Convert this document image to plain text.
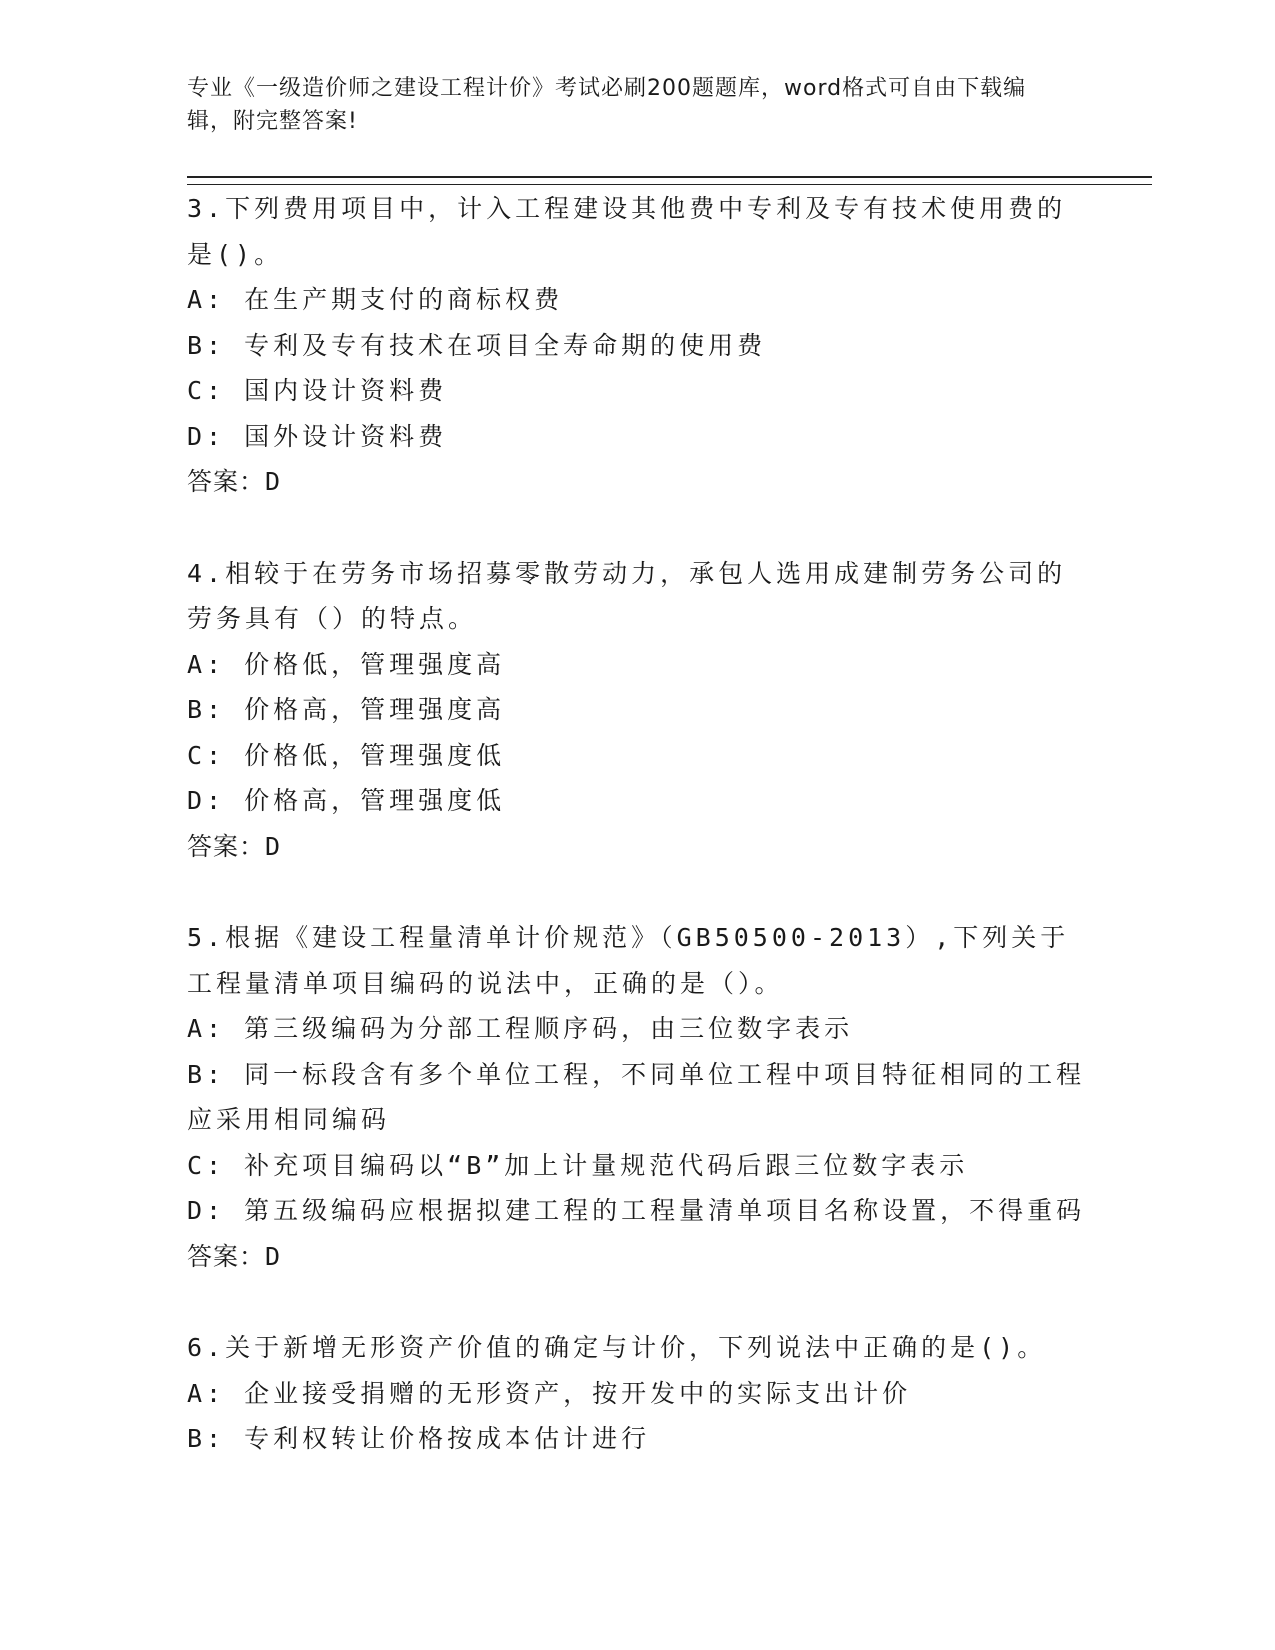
专业《一级造价师之建设工程计价》考试必刷200题题库，word格式可自由下载编辑，附完整答案!
3.下列费用项目中，计入工程建设其他费中专利及专有技术使用费的是()。
A: 在生产期支付的商标权费
B: 专利及专有技术在项目全寿命期的使用费
C: 国内设计资料费
D: 国外设计资料费
答案：D
4.相较于在劳务市场招募零散劳动力，承包人选用成建制劳务公司的劳务具有（）的特点。
A: 价格低，管理强度高
B: 价格高，管理强度高
C: 价格低，管理强度低
D: 价格高，管理强度低
答案：D
5.根据《建设工程量清单计价规范》（GB50500-2013）,下列关于工程量清单项目编码的说法中，正确的是（）。
A: 第三级编码为分部工程顺序码，由三位数字表示
B: 同一标段含有多个单位工程，不同单位工程中项目特征相同的工程应采用相同编码
C: 补充项目编码以“B”加上计量规范代码后跟三位数字表示
D: 第五级编码应根据拟建工程的工程量清单项目名称设置，不得重码
答案：D
6.关于新增无形资产价值的确定与计价，下列说法中正确的是()。
A: 企业接受捐赠的无形资产，按开发中的实际支出计价
B: 专利权转让价格按成本估计进行
